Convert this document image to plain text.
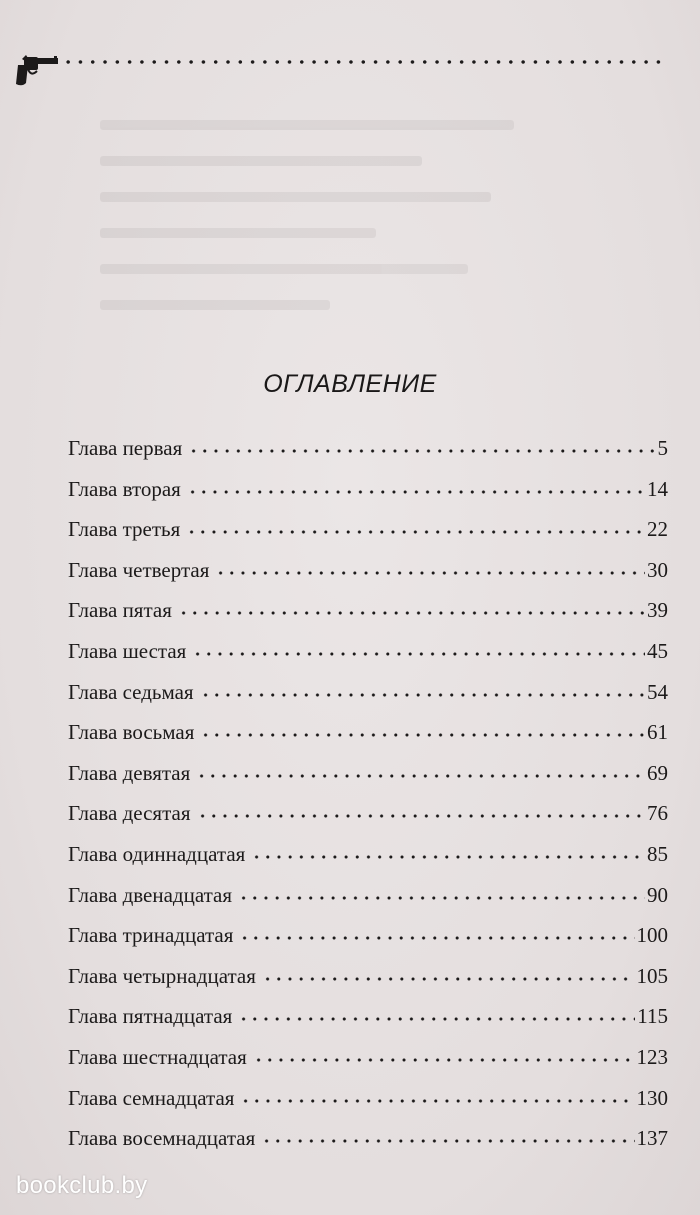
ОГЛАВЛЕНИЕ
Глава первая	5
Глава вторая	14
Глава третья	22
Глава четвертая	30
Глава пятая	39
Глава шестая	45
Глава седьмая	54
Глава восьмая	61
Глава девятая	69
Глава десятая	76
Глава одиннадцатая	85
Глава двенадцатая	90
Глава тринадцатая	100
Глава четырнадцатая	105
Глава пятнадцатая	115
Глава шестнадцатая	123
Глава семнадцатая	130
Глава восемнадцатая	137
bookclub.by
